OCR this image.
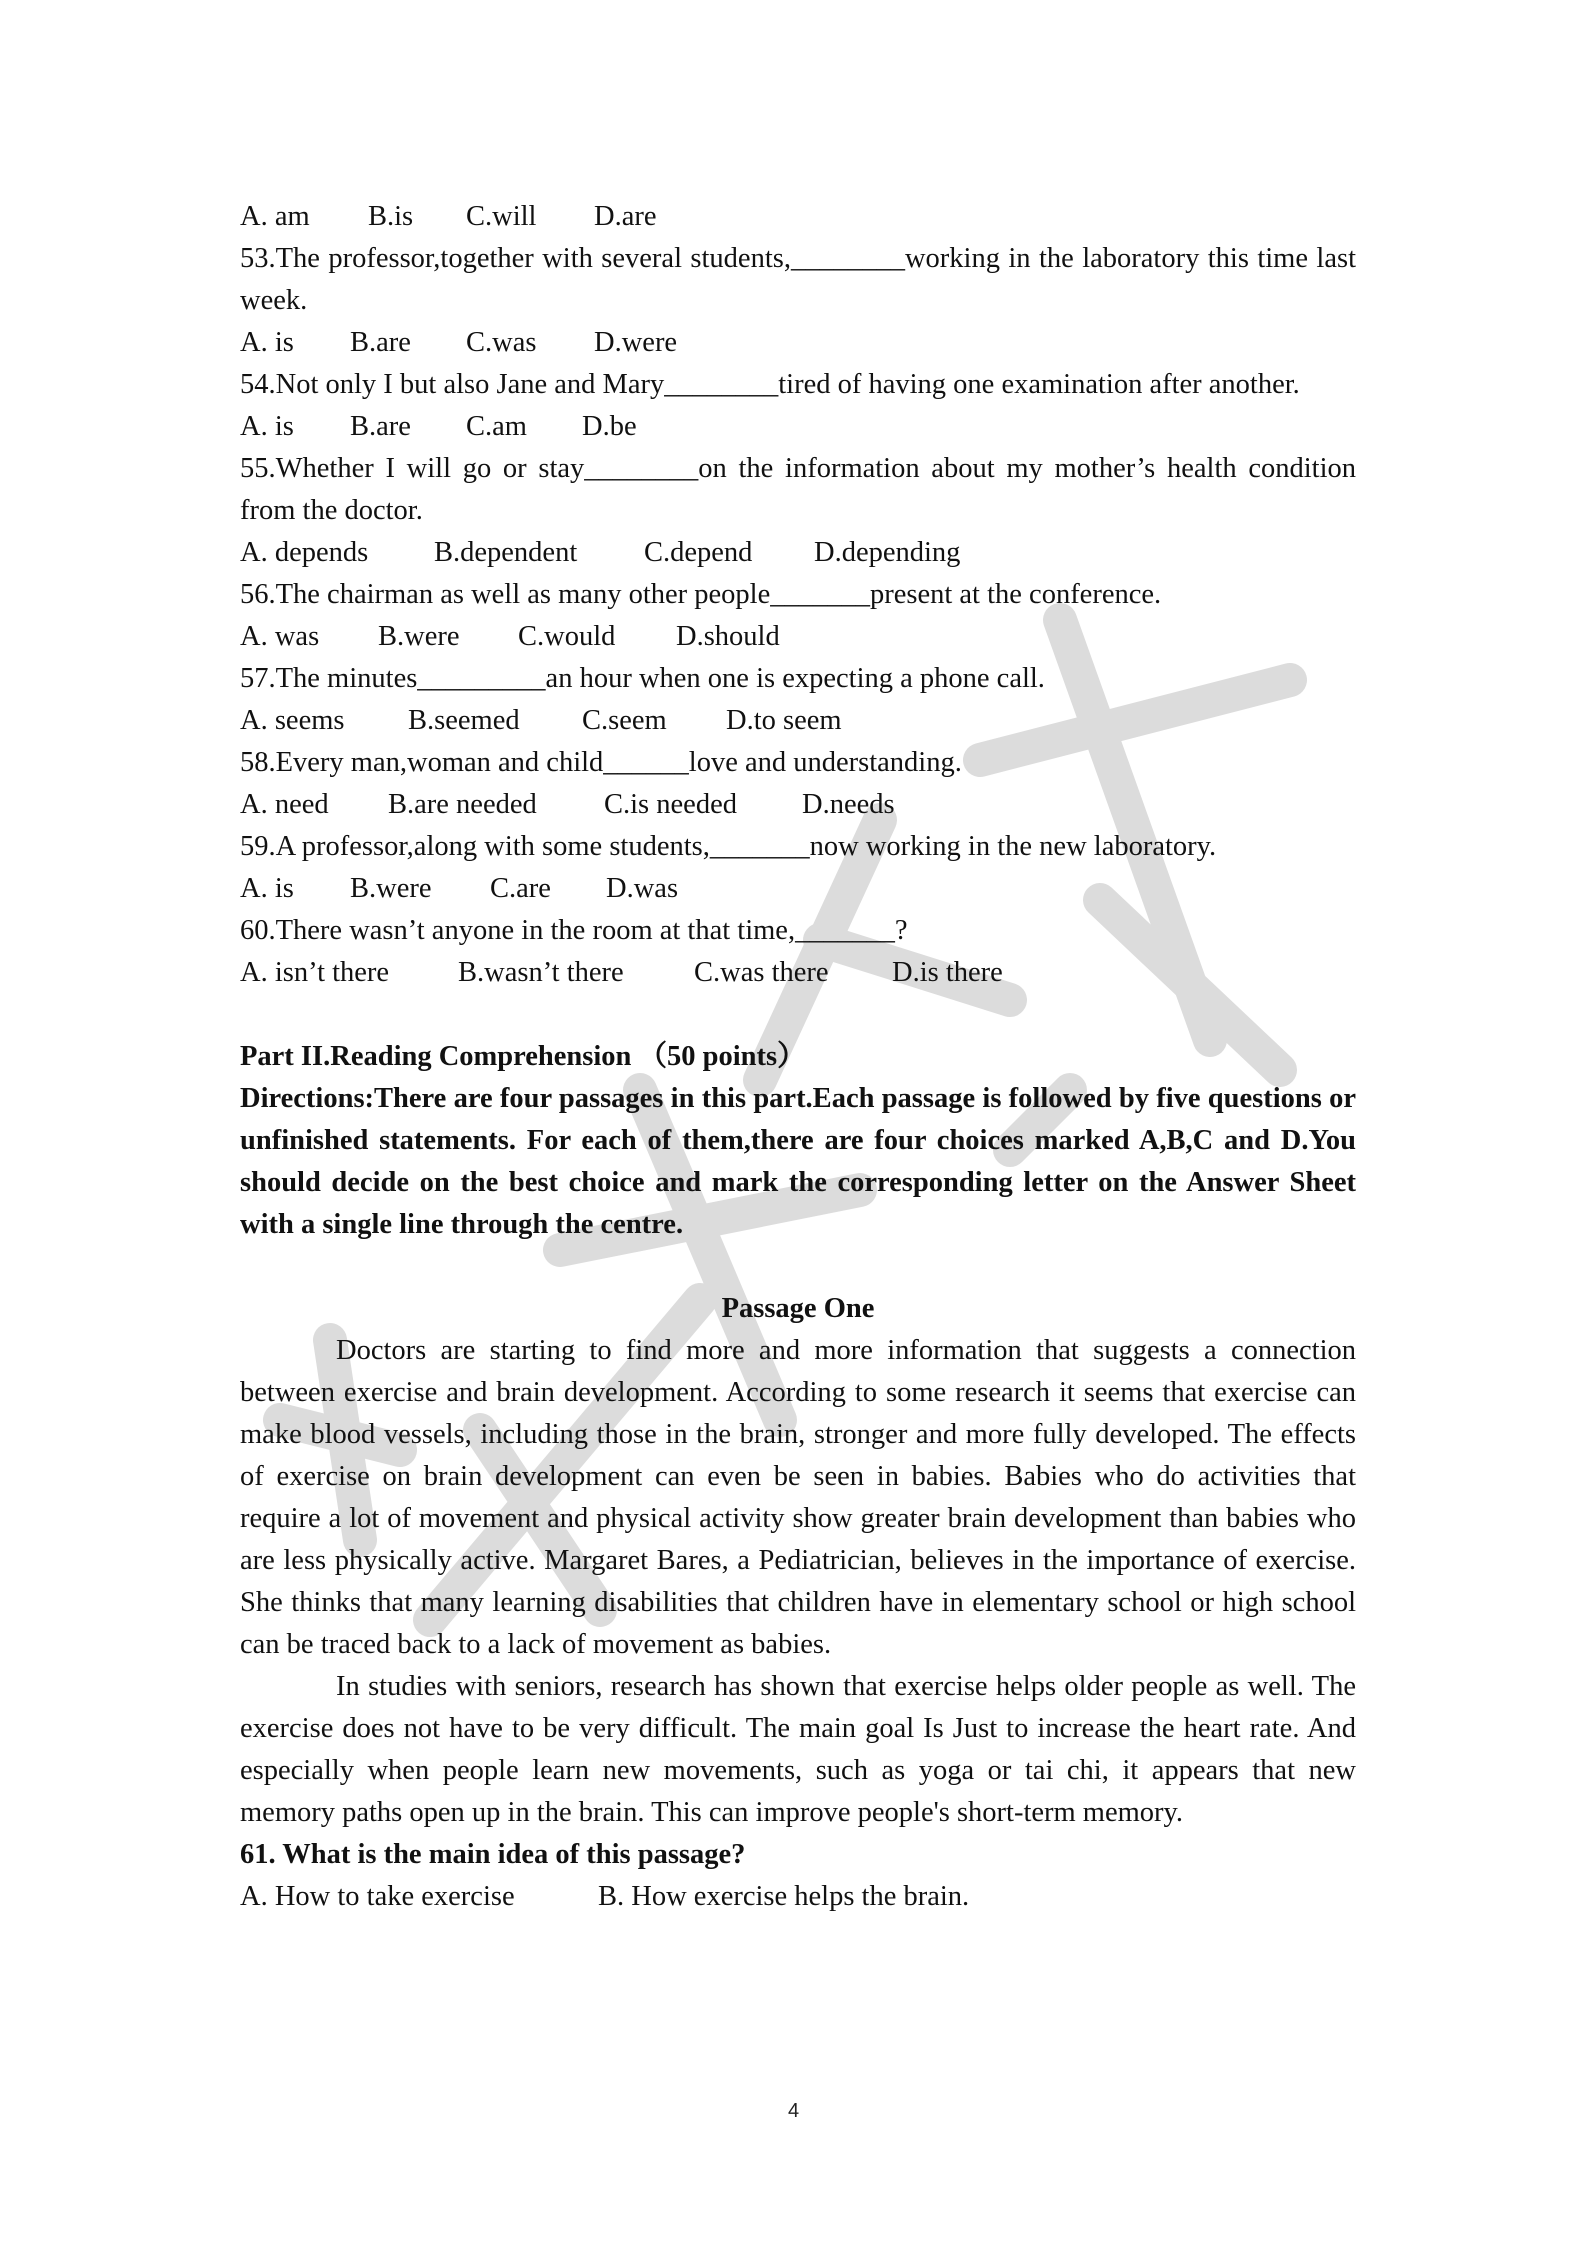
A. am B.is C.will D.are
53.The professor,together with several students,________working in the laboratory this time last week.
A. is B.are C.was D.were
54.Not only I but also Jane and Mary________tired of having one examination after another.
A. is B.are C.am D.be
55.Whether I will go or stay________on the information about my mother’s health condition from the doctor.
A. depends B.dependent C.depend D.depending
56.The chairman as well as many other people_______present at the conference.
A. was B.were C.would D.should
57.The minutes_________an hour when one is expecting a phone call.
A. seems B.seemed C.seem D.to seem
58.Every man,woman and child______love and understanding.
A. need B.are needed C.is needed D.needs
59.A professor,along with some students,_______now working in the new laboratory.
A. is B.were C.are D.was
60.There wasn’t anyone in the room at that time,_______?
A. isn’t there B.wasn’t there C.was there D.is there
Part II.Reading Comprehension （50 points）
Directions:There are four passages in this part.Each passage is followed by five questions or unfinished statements. For each of them,there are four choices marked A,B,C and D.You should decide on the best choice and mark the corresponding letter on the Answer Sheet with a single line through the centre.
Passage One
Doctors are starting to find more and more information that suggests a connection between exercise and brain development. According to some research it seems that exercise can make blood vessels, including those in the brain, stronger and more fully developed. The effects of exercise on brain development can even be seen in babies. Babies who do activities that require a lot of movement and physical activity show greater brain development than babies who are less physically active. Margaret Bares, a Pediatrician, believes in the importance of exercise. She thinks that many learning disabilities that children have in elementary school or high school can be traced back to a lack of movement as babies.
In studies with seniors, research has shown that exercise helps older people as well. The exercise does not have to be very difficult. The main goal Is Just to increase the heart rate. And especially when people learn new movements, such as yoga or tai chi, it appears that new memory paths open up in the brain. This can improve people's short-term memory.
61. What is the main idea of this passage?
A. How to take exercise	B. How exercise helps the brain.
4
